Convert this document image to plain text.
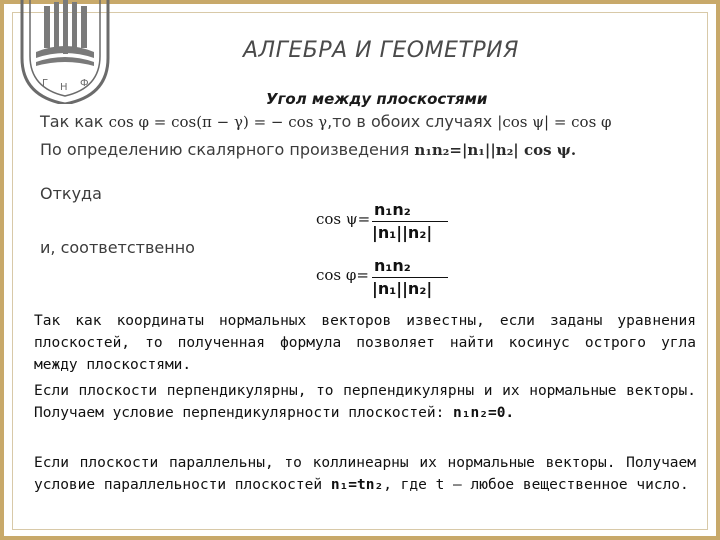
Г Н Ф
АЛГЕБРА И ГЕОМЕТРИЯ
Угол между плоскостями
Так как cos φ = cos(π − γ) = − cos γ,то в обоих случаях |cos ψ| = cos φ
По определению скалярного произведения n₁n₂=|n₁||n₂| cos ψ.
Откуда
и, соответственно
cos ψ= n₁n₂
|n₁||n₂|
cos φ= n₁n₂
|n₁||n₂|
Так как координаты нормальных векторов известны, если заданы уравнения плоскостей, то полученная формула позволяет найти косинус острого угла между плоскостями.
Если плоскости перпендикулярны, то перпендикулярны и их нормальные векторы. Получаем условие перпендикулярности плоскостей: n₁n₂=0.
Если плоскости параллельны, то коллинеарны их нормальные векторы. Получаем условие параллельности плоскостей n₁=tn₂, где t – любое вещественное число.
